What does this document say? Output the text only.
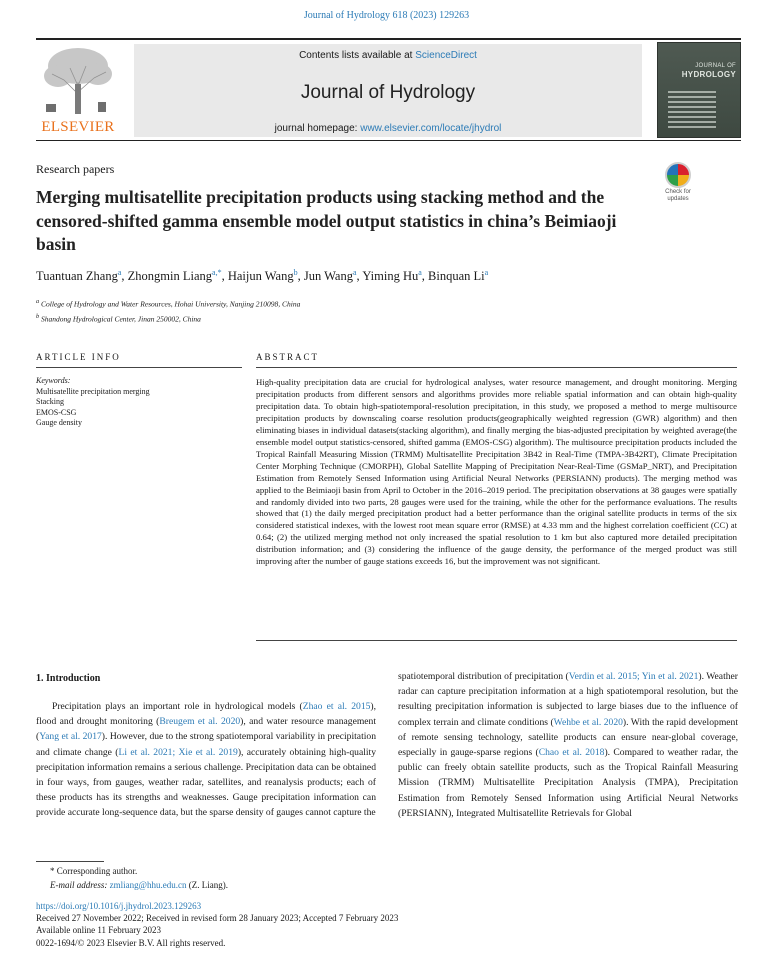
Journal of Hydrology 618 (2023) 129263
ELSEVIER
Contents lists available at ScienceDirect
Journal of Hydrology
journal homepage: www.elsevier.com/locate/jhydrol
JOURNAL OF
HYDROLOGY
Research papers
Check for updates
Merging multisatellite precipitation products using stacking method and the censored-shifted gamma ensemble model output statistics in china’s Beimiaoji basin
Tuantuan Zhang$^a$, Zhongmin Liang$^{a,*}$, Haijun Wang$^b$, Jun Wang$^a$, Yiming Hu$^a$, Binquan Li$^a$
$^a$ College of Hydrology and Water Resources, Hohai University, Nanjing 210098, China
$^b$ Shandong Hydrological Center, Jinan 250002, China
ARTICLE INFO	ABSTRACT
Keywords:
Multisatellite precipitation merging
Stacking
EMOS-CSG
Gauge density

High-quality precipitation data are crucial for hydrological analyses, water resource management, and drought monitoring. Merging precipitation products from different sensors and algorithms provides more reliable spatial information and can obtain high-quality precipitation data. To obtain high-spatiotemporal-resolution precipitation, in this study, we proposed a method to merge multisource precipitation products by downscaling coarse resolution products(geographically weighted regression (GWR) algorithm) and then eliminating biases in individual datasets(stacking algorithm), and finally merging the bias-adjusted precipitation by weighted average(the ensemble model output statistics-censored, shifted gamma (EMOS-CSG) algorithm). The multisource precipitation products included the Tropical Rainfall Measuring Mission (TRMM) Multisatellite Precipitation 3B42 in Real-Time (TMPA-3B42RT), Climate Precipitation Center Morphing Technique (CMORPH), Global Satellite Mapping of Precipitation Near-Real-Time (GSMaP_NRT), and Precipitation Estimation from Remotely Sensed Information using Artificial Neural Networks (PERSIANN) products). The merging method was applied to the Beimiaoji basin from April to October in the 2016–2019 period. The precipitation observations at 38 gauges were spatially and randomly divided into two parts, 28 gauges were used for the training, while the other for the performance evaluations. The results showed that (1) the daily merged precipitation product had a better performance than the original satellite products in terms of the six considered statistical indexes, with the lowest root mean square error (RMSE) at 4.33 mm and the highest correlation coefficient (CC) at 0.64; (2) the utilized merging method not only increased the spatial resolution to 1 km but also captured more detailed precipitation distribution information; and (3) considering the influence of the gauge density, the performance of the merged product was still improving after the number of gauge stations exceeds 16, but the improvement was not significant.

1. Introduction

Precipitation plays an important role in hydrological models (Zhao et al. 2015), flood and drought monitoring (Breugem et al. 2020), and water resource management (Yang et al. 2017). However, due to the strong spatiotemporal variability in precipitation and climate change (Li et al. 2021; Xie et al. 2019), accurately obtaining high-quality precipitation information remains a serious challenge. Precipitation data can be obtained in four ways, from gauges, weather radar, satellites, and reanalysis products; each of these products has its strengths and weaknesses. Gauge precipitation information can provide accurate long-sequence data, but the sparse density of gauges cannot capture the

spatiotemporal distribution of precipitation (Verdin et al. 2015; Yin et al. 2021). Weather radar can capture precipitation information at a high spatiotemporal resolution, but the resulting precipitation information is subjected to large biases due to the influence of complex terrain and climate conditions (Wehbe et al. 2020). With the rapid development of remote sensing technology, satellite products can ensure near-global coverage, especially in gauge-sparse regions (Chao et al. 2018). Compared to weather radar, the public can freely obtain satellite products, such as the Tropical Rainfall Measuring Mission (TRMM) Multisatellite Precipitation Analysis (TMPA), Precipitation Estimation from Remotely Sensed Information using Artificial Neural Networks (PERSIANN), Integrated Multisatellite Retrievals for Global

* Corresponding author.
E-mail address: zmliang@hhu.edu.cn (Z. Liang).
https://doi.org/10.1016/j.jhydrol.2023.129263
Received 27 November 2022; Received in revised form 28 January 2023; Accepted 7 February 2023
Available online 11 February 2023
0022-1694/© 2023 Elsevier B.V. All rights reserved.
